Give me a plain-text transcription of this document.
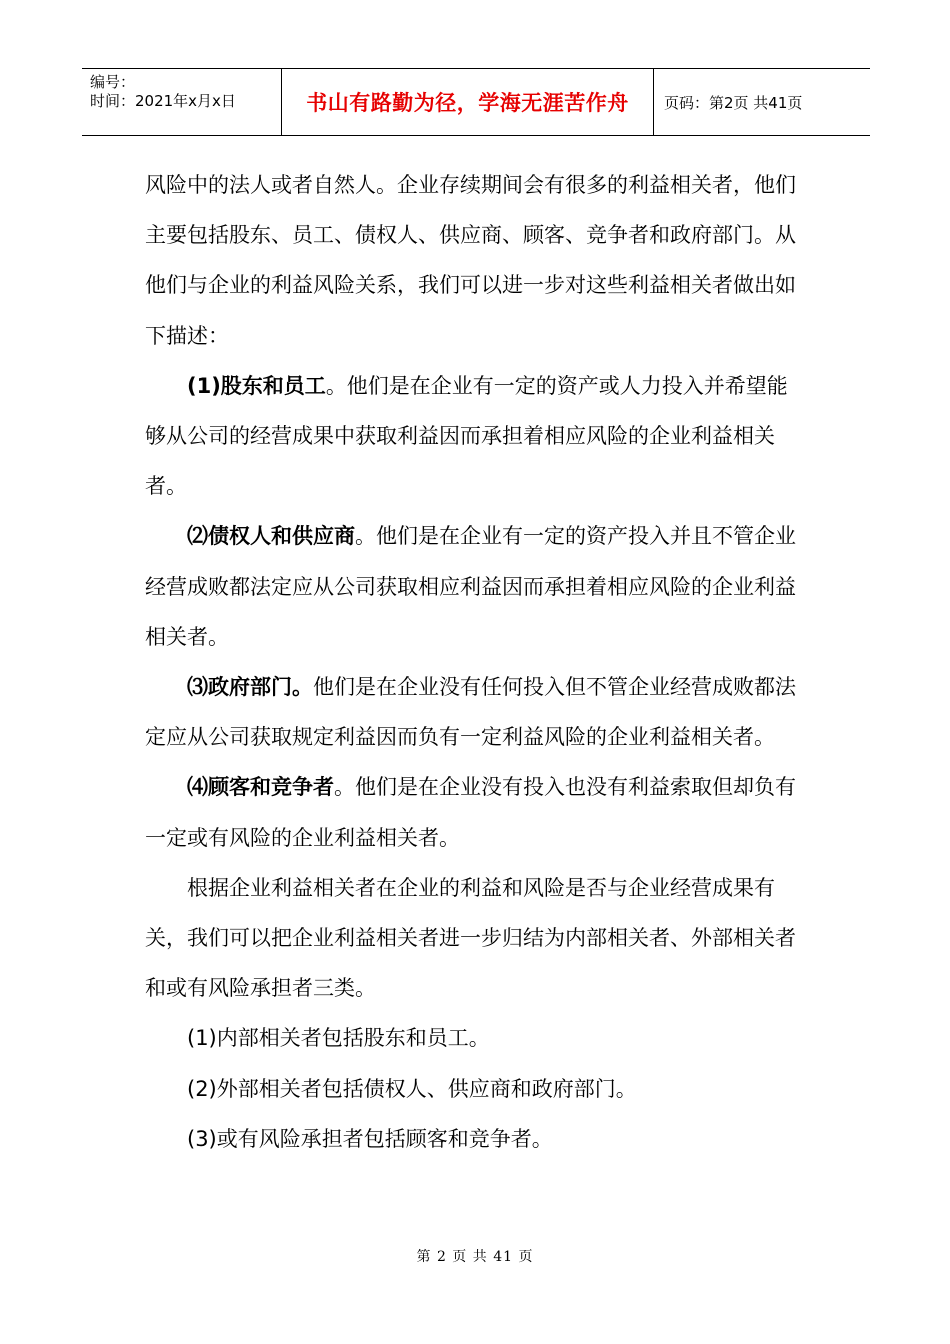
编号：
时间：2021年x月x日	书山有路勤为径，学海无涯苦作舟	页码：第2页 共41页

风险中的法人或者自然人。企业存续期间会有很多的利益相关者，他们主要包括股东、员工、债权人、供应商、顾客、竞争者和政府部门。从他们与企业的利益风险关系，我们可以进一步对这些利益相关者做出如下描述：

(1)股东和员工。他们是在企业有一定的资产或人力投入并希望能够从公司的经营成果中获取利益因而承担着相应风险的企业利益相关者。

⑵债权人和供应商。他们是在企业有一定的资产投入并且不管企业经营成败都法定应从公司获取相应利益因而承担着相应风险的企业利益相关者。

⑶政府部门。他们是在企业没有任何投入但不管企业经营成败都法定应从公司获取规定利益因而负有一定利益风险的企业利益相关者。

⑷顾客和竞争者。他们是在企业没有投入也没有利益索取但却负有一定或有风险的企业利益相关者。

根据企业利益相关者在企业的利益和风险是否与企业经营成果有关，我们可以把企业利益相关者进一步归结为内部相关者、外部相关者和或有风险承担者三类。

(1)内部相关者包括股东和员工。

(2)外部相关者包括债权人、供应商和政府部门。

(3)或有风险承担者包括顾客和竞争者。

第 2 页 共 41 页
